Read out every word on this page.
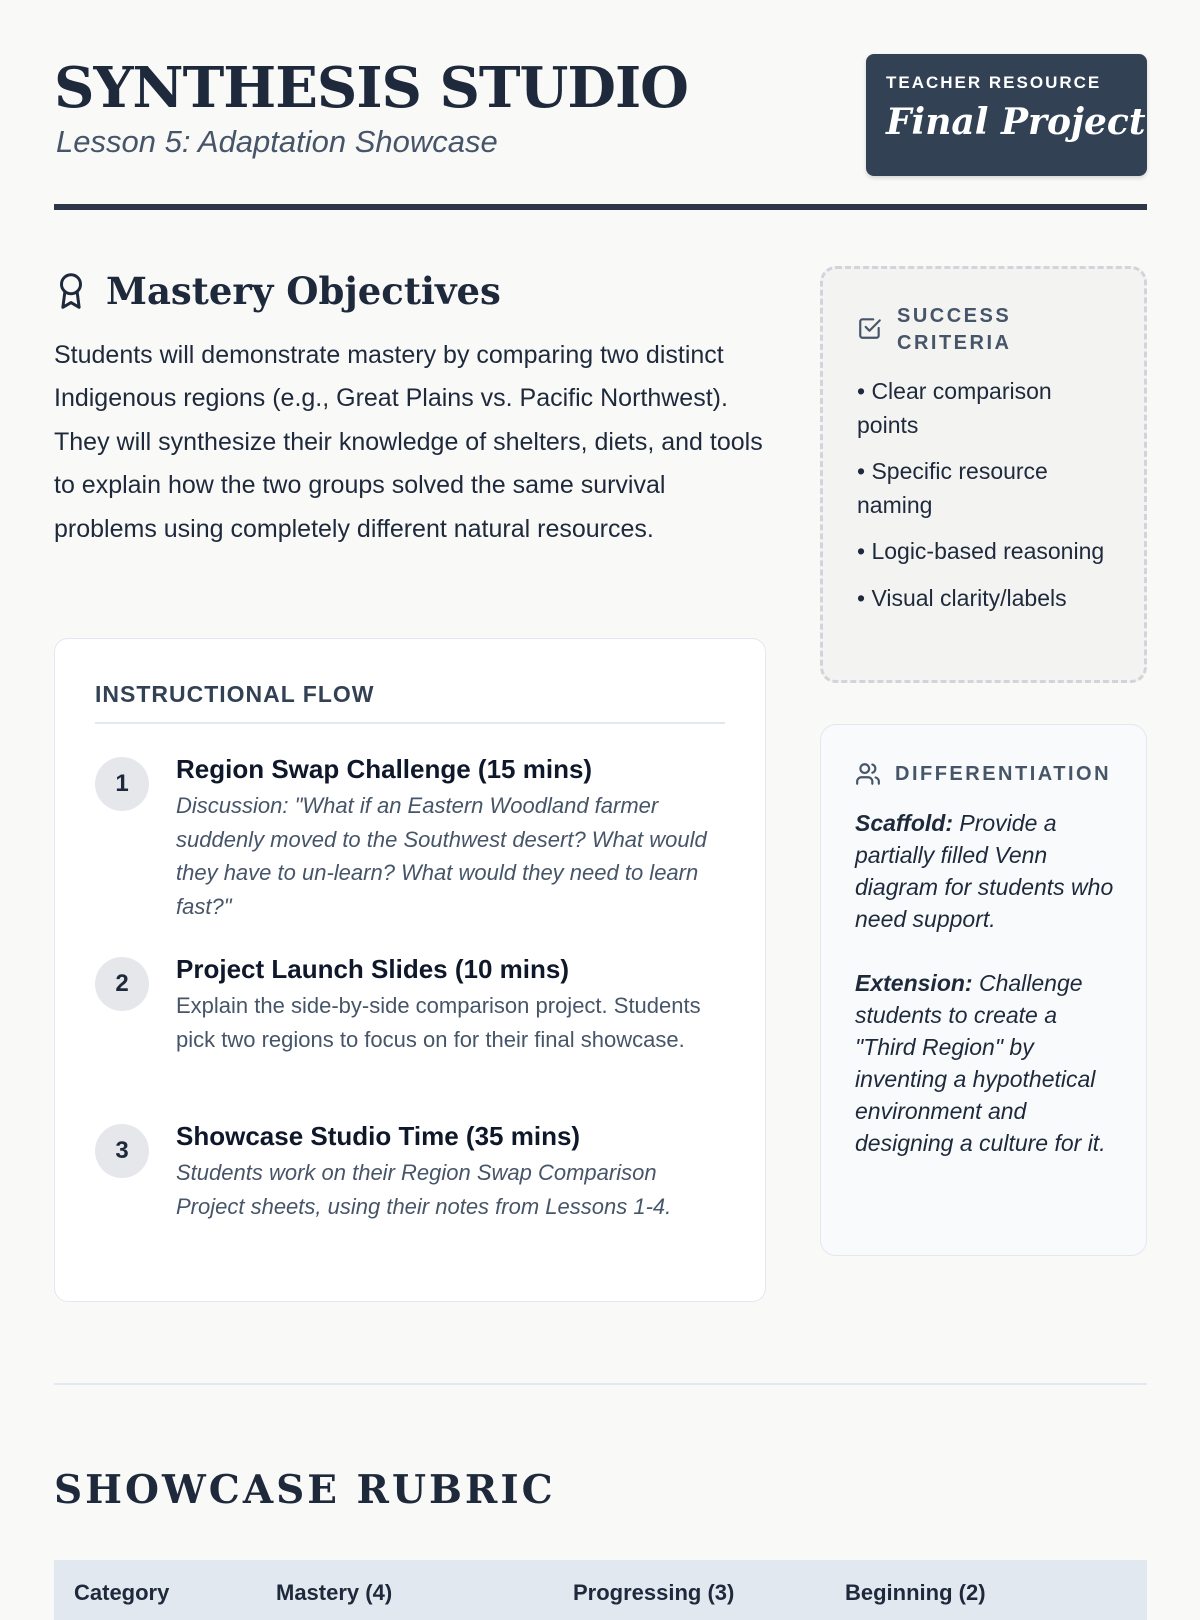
SYNTHESIS STUDIO
Lesson 5: Adaptation Showcase
TEACHER RESOURCE
Final Project
Mastery Objectives
Students will demonstrate mastery by comparing two distinct Indigenous regions (e.g., Great Plains vs. Pacific Northwest). They will synthesize their knowledge of shelters, diets, and tools to explain how the two groups solved the same survival problems using completely different natural resources.
INSTRUCTIONAL FLOW
1	Region Swap Challenge (15 mins)
Discussion: "What if an Eastern Woodland farmer suddenly moved to the Southwest desert? What would they have to un-learn? What would they need to learn fast?"
2	Project Launch Slides (10 mins)
Explain the side-by-side comparison project. Students pick two regions to focus on for their final showcase.
3	Showcase Studio Time (35 mins)
Students work on their Region Swap Comparison Project sheets, using their notes from Lessons 1-4.
SUCCESS CRITERIA
• Clear comparison points
• Specific resource naming
• Logic-based reasoning
• Visual clarity/labels
DIFFERENTIATION

Scaffold: Provide a partially filled Venn diagram for students who need support.

Extension: Challenge students to create a "Third Region" by inventing a hypothetical environment and designing a culture for it.

SHOWCASE RUBRIC
Category	Mastery (4)	Progressing (3)	Beginning (2)
